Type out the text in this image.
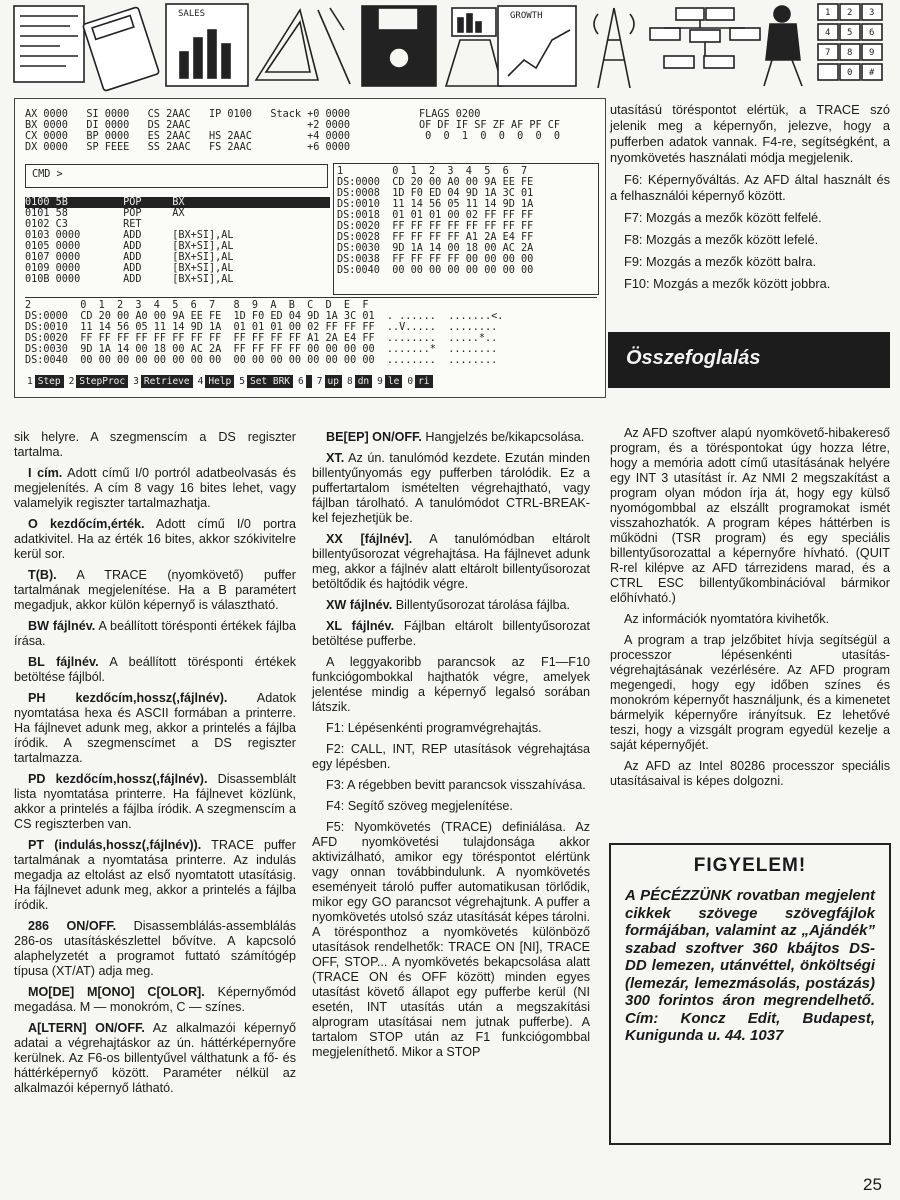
SALES	GROWTH	1 2 3
4 5 6
7 8 9
0 #
AX 0000   SI 0000   CS 2AAC   IP 0100   Stack +0 0000
BX 0000   DI 0000   DS 2AAC                   +2 0000
CX 0000   BP 0000   ES 2AAC   HS 2AAC         +4 0000
DX 0000   SP FEEE   SS 2AAC   FS 2AAC         +6 0000
FLAGS 0200
OF DF IF SF ZF AF PF CF
0  0  1  0  0  0  0  0
CMD >
0100 5B         POP     BX
0101 58         POP     AX
0102 C3         RET
0103 0000       ADD     [BX+SI],AL
0105 0000       ADD     [BX+SI],AL
0107 0000       ADD     [BX+SI],AL
0109 0000       ADD     [BX+SI],AL
010B 0000       ADD     [BX+SI],AL
1        0  1  2  3  4  5  6  7
DS:0000  CD 20 00 A0 00 9A EE FE
DS:0008  1D F0 ED 04 9D 1A 3C 01
DS:0010  11 14 56 05 11 14 9D 1A
DS:0018  01 01 01 00 02 FF FF FF
DS:0020  FF FF FF FF FF FF FF FF
DS:0028  FF FF FF FF A1 2A E4 FF
DS:0030  9D 1A 14 00 18 00 AC 2A
DS:0038  FF FF FF FF 00 00 00 00
DS:0040  00 00 00 00 00 00 00 00
2        0  1  2  3  4  5  6  7   8  9  A  B  C  D  E  F
DS:0000  CD 20 00 A0 00 9A EE FE  1D F0 ED 04 9D 1A 3C 01  . ......  .......<.
DS:0010  11 14 56 05 11 14 9D 1A  01 01 01 00 02 FF FF FF  ..V.....  ........
DS:0020  FF FF FF FF FF FF FF FF  FF FF FF FF A1 2A E4 FF  ........  .....*..
DS:0030  9D 1A 14 00 18 00 AC 2A  FF FF FF FF 00 00 00 00  .......*  ........
DS:0040  00 00 00 00 00 00 00 00  00 00 00 00 00 00 00 00  ........  ........
1 Step 2 StepProc 3 Retrieve 4 Help 5 Set BRK 6 7 up 8 dn 9 le 0 ri

sik helyre. A szegmenscím a DS regiszter tartalma.

I cím. Adott című I/0 portról adatbeolvasás és megjelenítés. A cím 8 vagy 16 bites lehet, vagy valamelyik regiszter tartalmazhatja.

O kezdőcím,érték. Adott című I/0 portra adatkivitel. Ha az érték 16 bites, akkor szókivitelre kerül sor.

T(B). A TRACE (nyomkövető) puffer tartalmának megjelenítése. Ha a B paramétert megadjuk, akkor külön képernyő is választható.

BW fájlnév. A beállított törésponti értékek fájlba írása.

BL fájlnév. A beállított törésponti értékek betöltése fájlból.

PH kezdőcím,hossz(,fájlnév). Adatok nyomtatása hexa és ASCII formában a printerre. Ha fájlnevet adunk meg, akkor a printelés a fájlba íródik. A szegmenscímet a DS regiszter tartalmazza.

PD kezdőcím,hossz(,fájlnév). Disassemblált lista nyomtatása printerre. Ha fájlnevet közlünk, akkor a printelés a fájlba íródik. A szegmenscím a CS regiszterben van.

PT (indulás,hossz(,fájlnév)). TRACE puffer tartalmának a nyomtatása printerre. Az indulás megadja az eltolást az első nyomtatott utasításig. Ha fájlnevet adunk meg, akkor a printelés a fájlba íródik.

286 ON/OFF. Disassemblálás-assemblálás 286-os utasításkészlettel bővítve. A kapcsoló alaphelyzetét a programot futtató számítógép típusa (XT/AT) adja meg.

MO[DE] M[ONO] C[OLOR]. Képernyőmód megadása. M — monokróm, C — színes.

A[LTERN] ON/OFF. Az alkalmazói képernyő adatai a végrehajtáskor az ún. háttérképernyőre kerülnek. Az F6-os billentyűvel válthatunk a fő- és háttérképernyő között. Paraméter nélkül az alkalmazói képernyő látható.

BE[EP] ON/OFF. Hangjelzés be/kikapcsolása.

XT. Az ún. tanulómód kezdete. Ezután minden billentyűnyomás egy pufferben tárolódik. Ez a puffertartalom ismételten végrehajtható, vagy fájlban tárolható. A tanulómódot CTRL-BREAK-kel fejezhetjük be.

XX [fájlnév]. A tanulómódban eltárolt billentyűsorozat végrehajtása. Ha fájlnevet adunk meg, akkor a fájlnév alatt eltárolt billentyűsorozat betöltődik és hajtódik végre.

XW fájlnév. Billentyűsorozat tárolása fájlba.

XL fájlnév. Fájlban eltárolt billentyűsorozat betöltése pufferbe.

A leggyakoribb parancsok az F1—F10 funkciógombokkal hajthatók végre, amelyek jelentése mindig a képernyő legalsó sorában látszik.

F1: Lépésenkénti programvégrehajtás.

F2: CALL, INT, REP utasítások végrehajtása egy lépésben.

F3: A régebben bevitt parancsok visszahívása.

F4: Segítő szöveg megjelenítése.

F5: Nyomkövetés (TRACE) definiálása. Az AFD nyomkövetési tulajdonsága akkor aktivizálható, amikor egy töréspontot elértünk vagy onnan továbbindulunk. A nyomkövetés eseményeit tároló puffer automatikusan törlődik, mikor egy GO parancsot végrehajtunk. A puffer a nyomkövetés utolsó száz utasítását képes tárolni. A törésponthoz a nyomkövetés különböző utasítások rendelhetők: TRACE ON [NI], TRACE OFF, STOP... A nyomkövetés bekapcsolása alatt (TRACE ON és OFF között) minden egyes utasítást követő állapot egy pufferbe kerül (NI esetén, INT utasítás után a megszakítási alprogram utasításai nem jutnak pufferbe). A tartalom STOP után az F1 funkciógombbal megjeleníthető. Mikor a STOP

utasítású töréspontot elértük, a TRACE szó jelenik meg a képernyőn, jelezve, hogy a pufferben adatok vannak. F4-re, segítségként, a nyomkövetés használati módja megjelenik.

F6: Képernyőváltás. Az AFD által használt és a felhasználói képernyő között.

F7: Mozgás a mezők között felfelé.

F8: Mozgás a mezők között lefelé.

F9: Mozgás a mezők között balra.

F10: Mozgás a mezők között jobbra.

Összefoglalás

Az AFD szoftver alapú nyomkövető-hibakereső program, és a töréspontokat úgy hozza létre, hogy a memória adott című utasításának helyére egy INT 3 utasítást ír. Az NMI 2 megszakítást a program olyan módon írja át, hogy egy külső nyomógombbal az elszállt programokat ismét visszahozhatók. A program képes háttérben is működni (TSR program) és egy speciális billentyűsorozattal a képernyőre hívható. (QUIT R-rel kilépve az AFD tárrezidens marad, és a CTRL ESC billentyűkombinációval bármikor előhívható.)

Az információk nyomtatóra kivihetők.

A program a trap jelzőbitet hívja segítségül a processzor lépésenkénti utasítás-végrehajtásának vezérlésére. Az AFD program megengedi, hogy egy időben színes és monokróm képernyőt használjunk, és a kimenetet bármelyik képernyőre irányítsuk. Ez lehetővé teszi, hogy a vizsgált program egyedül kezelje a saját képernyőjét.

Az AFD az Intel 80286 processzor speciális utasításaival is képes dolgozni.

FIGYELEM!

A PÉCÉZZÜNK rovatban megjelent cikkek szövege szövegfájlok formájában, valamint az „Ajándék” szabad szoftver 360 kbájtos DS-DD lemezen, utánvéttel, önköltségi (lemezár, lemezmásolás, postázás) 300 forintos áron megrendelhető. Cím: Koncz Edit, Budapest, Kunigunda u. 44. 1037

25
